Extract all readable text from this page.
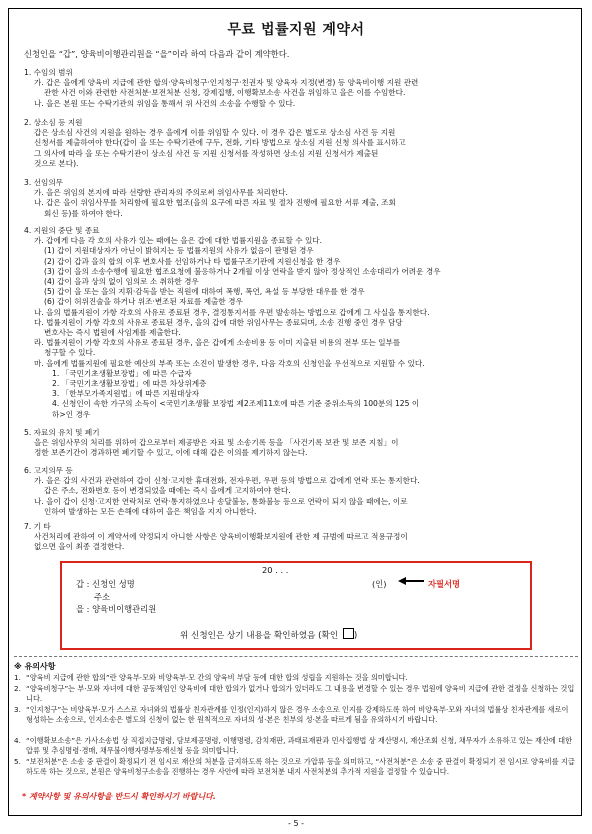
무료 법률지원 계약서
신청인을 “갑”, 양육비이행관리원을 “을”이라 하여 다음과 같이 계약한다.
1. 수임의 범위
가. 갑은 을에게 양육비 지급에 관한 합의·양육비청구·인지청구·친권자 및 양육자 지정(변경) 등 양육비이행 지원 관련
관한 사건 이와 관련한 사전처분·보전처분 신청, 강제집행, 이행확보소송 사건을 위임하고 을은 이를 수임한다.
나. 을은 본원 또는 수탁기관의 위임을 통해서 위 사건의 소송을 수행할 수 있다.
2. 상소심 등 지원
갑은 상소심 사건의 지원을 원하는 경우 을에게 이를 위임할 수 있다. 이 경우 갑은 별도로 상소심 사건 등 지원
신청서를 제출하여야 한다(갑이 을 또는 수탁기관에 구두, 전화, 기타 방법으로 상소심 지원 신청 의사를 표시하고
그 의사에 따라 을 또는 수탁기관이 상소심 사건 등 지원 신청서를 작성하면 상소심 지원 신청서가 제출된
것으로 본다).
3. 선임의무
가. 을은 위임의 본지에 따라 선량한 관리자의 주의로써 위임사무를 처리한다.
나. 갑은 을이 위임사무를 처리함에 필요한 협조(을의 요구에 따른 자료 및 절차 진행에 필요한 서류 제출, 조회
회신 등)를 하여야 한다.
4. 지원의 중단 및 종료
가. 갑에게 다음 각 호의 사유가 있는 때에는 을은 갑에 대한 법률지원을 종료할 수 있다.
(1) 갑이 지원대상자가 아닌이 밝혀지는 등 법률지원의 사유가 없음이 판명된 경우
(2) 갑이 갑과 을의 합의 이후 변호사를 선임하거나 타 법률구조기관에 지원신청을 한 경우
(3) 갑이 을의 소송수행에 필요한 협조요청에 불응하거나 2개월 이상 연락을 받지 않아 정상적인 소송대리가 어려운 경우
(4) 갑이 을과 상의 없이 임의로 소 취하한 경우
(5) 갑이 을 또는 을의 지휘·감독을 받는 직원에 대하여 폭행, 폭언, 욕설 등 부당한 대우를 한 경우
(6) 갑이 허위진술을 하거나 위조·변조된 자료를 제출한 경우
나. 을의 법률지원이 가항 각호의 사유로 종료된 경우, 결정통지서를 우편 발송하는 방법으로 갑에게 그 사실을 통지한다.
다. 법률지원이 가항 각호의 사유로 종료된 경우, 을의 갑에 대한 위임사무는 종료되며, 소송 진행 중인 경우 담당
변호사는 즉시 법원에 사임계를 제출한다.
라. 법률지원이 가항 각호의 사유로 종료된 경우, 을은 갑에게 소송비용 등 이미 지출된 비용의 전부 또는 일부를
청구할 수 있다.
마. 을에게 법률지원에 필요한 예산의 부족 또는 소진이 발생한 경우, 다음 각호의 신청인을 우선적으로 지원할 수 있다.
1. 「국민기초생활보장법」에 따른 수급자
2. 「국민기초생활보장법」에 따른 차상위계층
3. 「한부모가족지원법」에 따른 지원대상자
4. 신청인이 속한 가구의 소득이 <국민기초생활 보장법 제2조제11호에 따른 기준 중위소득의 100분의 125 이
하>인 경우
5. 자료의 유치 및 폐기
을은 위임사무의 처리를 위하여 갑으로부터 제공받은 자료 및 소송기록 등을 「사건기록 보관 및 보존 지침」이
정한 보존기간이 경과하면 폐기할 수 있고, 이에 대해 갑은 이의를 제기하지 않는다.
6. 고지의무 등
가. 을은 갑의 사건과 관련하여 갑이 신청·고지한 휴대전화, 전자우편, 우편 등의 방법으로 갑에게 연락 또는 통지한다.
갑은 주소, 전화번호 등이 변경되었을 때에는 즉시 을에게 고지하여야 한다.
나. 을이 갑이 신청·고지한 연락처로 연락·통지하였으나 송달불능, 통화불능 등으로 연락이 되지 않을 때에는, 이로
인하여 발생하는 모든 손해에 대하여 을은 책임을 지지 아니한다.
7. 기 타
사건처리에 관하여 이 계약서에 약정되지 아니한 사항은 양육비이행확보지원에 관한 제 규범에 따르고 적용규정이
없으면 을이 최종 결정한다.
20 . . .
갑 : 신청인 성명	(인)	자필서명
주소
을 : 양육비이행관리원
위 신청인은 상기 내용을 확인하였음 (확인 )
※ 유의사항
1. “양육비 지급에 관한 합의”란 양육부·모와 비양육부·모 간의 양육비 부담 등에 대한 합의 성립을 지원하는 것을 의미합니다.
2. “양육비청구”는 부·모와 자녀에 대한 공동책임인 양육비에 대한 합의가 없거나 합의가 있더라도 그 내용을 변경할 수 있는 경우 법원에 양육비 지급에 관한 결정을 신청하는 것입니다.
3. “인지청구”는 비양육부·모가 스스로 자녀와의 법률상 친자관계를 인정(인지)하지 않은 경우 소송으로 인지를 강제하도록 하여 비양육부·모와 자녀의 법률상 친자관계를 새로이 형성하는 소송으로, 인지소송은 별도의 신청이 없는 한 원칙적으로 자녀의 성·본은 친부의 성·본을 따르게 됨을 유의하시기 바랍니다.
4. “이행확보소송”은 가사소송법 상 직접지급명령, 담보제공명령, 이행명령, 감치재판, 과태료재판과 민사집행법 상 재산명시, 재산조회 신청, 채무자가 소유하고 있는 재산에 대한 압류 및 추심명령·경매, 채무불이행자명부등재신청 등을 의미합니다.
5. “보전처분”은 소송 중 판결이 확정되기 전 임시로 재산의 처분을 금지하도록 하는 것으로 가압류 등을 의미하고, “사전처분”은 소송 중 판결이 확정되기 전 임시로 양육비를 지급하도록 하는 것으로, 본원은 양육비청구소송을 진행하는 경우 사안에 따라 보전처분 내지 사전처분의 추가적 지원을 결정할 수 있습니다.
* 계약사항 및 유의사항을 반드시 확인하시기 바랍니다.
- 5 -
